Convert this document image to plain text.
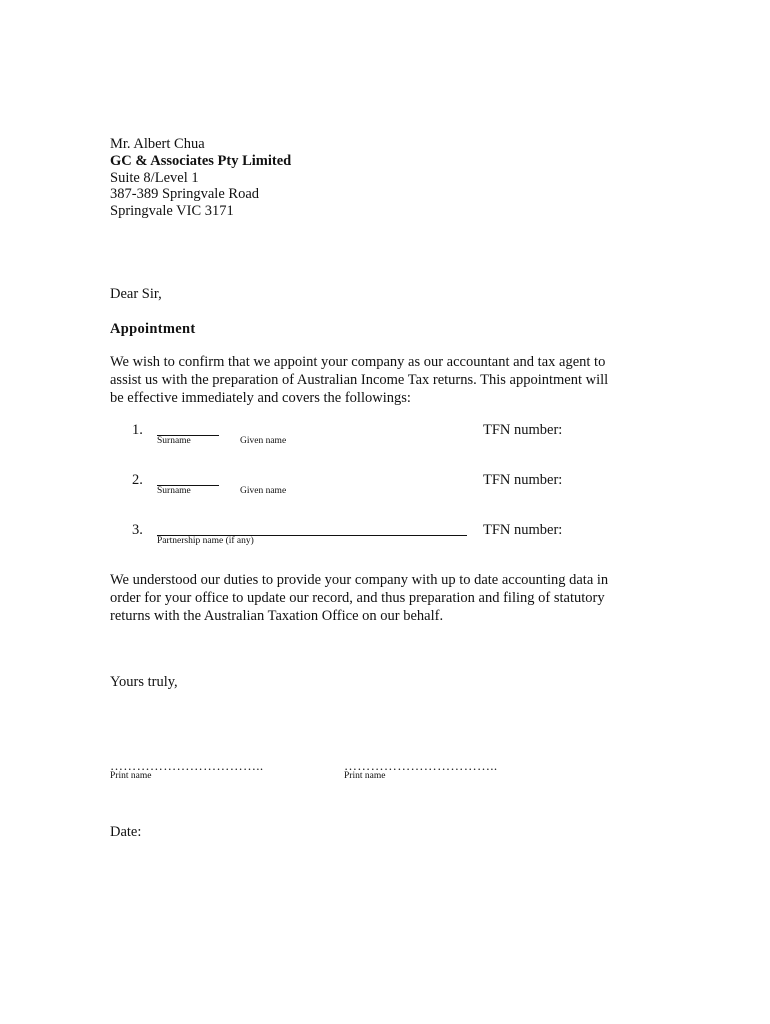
Mr. Albert Chua
GC & Associates Pty Limited
Suite 8/Level 1
387-389 Springvale Road
Springvale VIC 3171
Dear Sir,
Appointment
We wish to confirm that we appoint your company as our accountant and tax agent to
assist us with the preparation of Australian Income Tax returns. This appointment will
be effective immediately and covers the followings:
1.
Surname	Given name
TFN number:
2.
Surname	Given name
TFN number:
3.
Partnership name (if any)
TFN number:
We understood our duties to provide your company with up to date accounting data in
order for your office to update our record, and thus preparation and filing of statutory
returns with the Australian Taxation Office on our behalf.
Yours truly,
……………………………..
Print name
……………………………..
Print name
Date:
